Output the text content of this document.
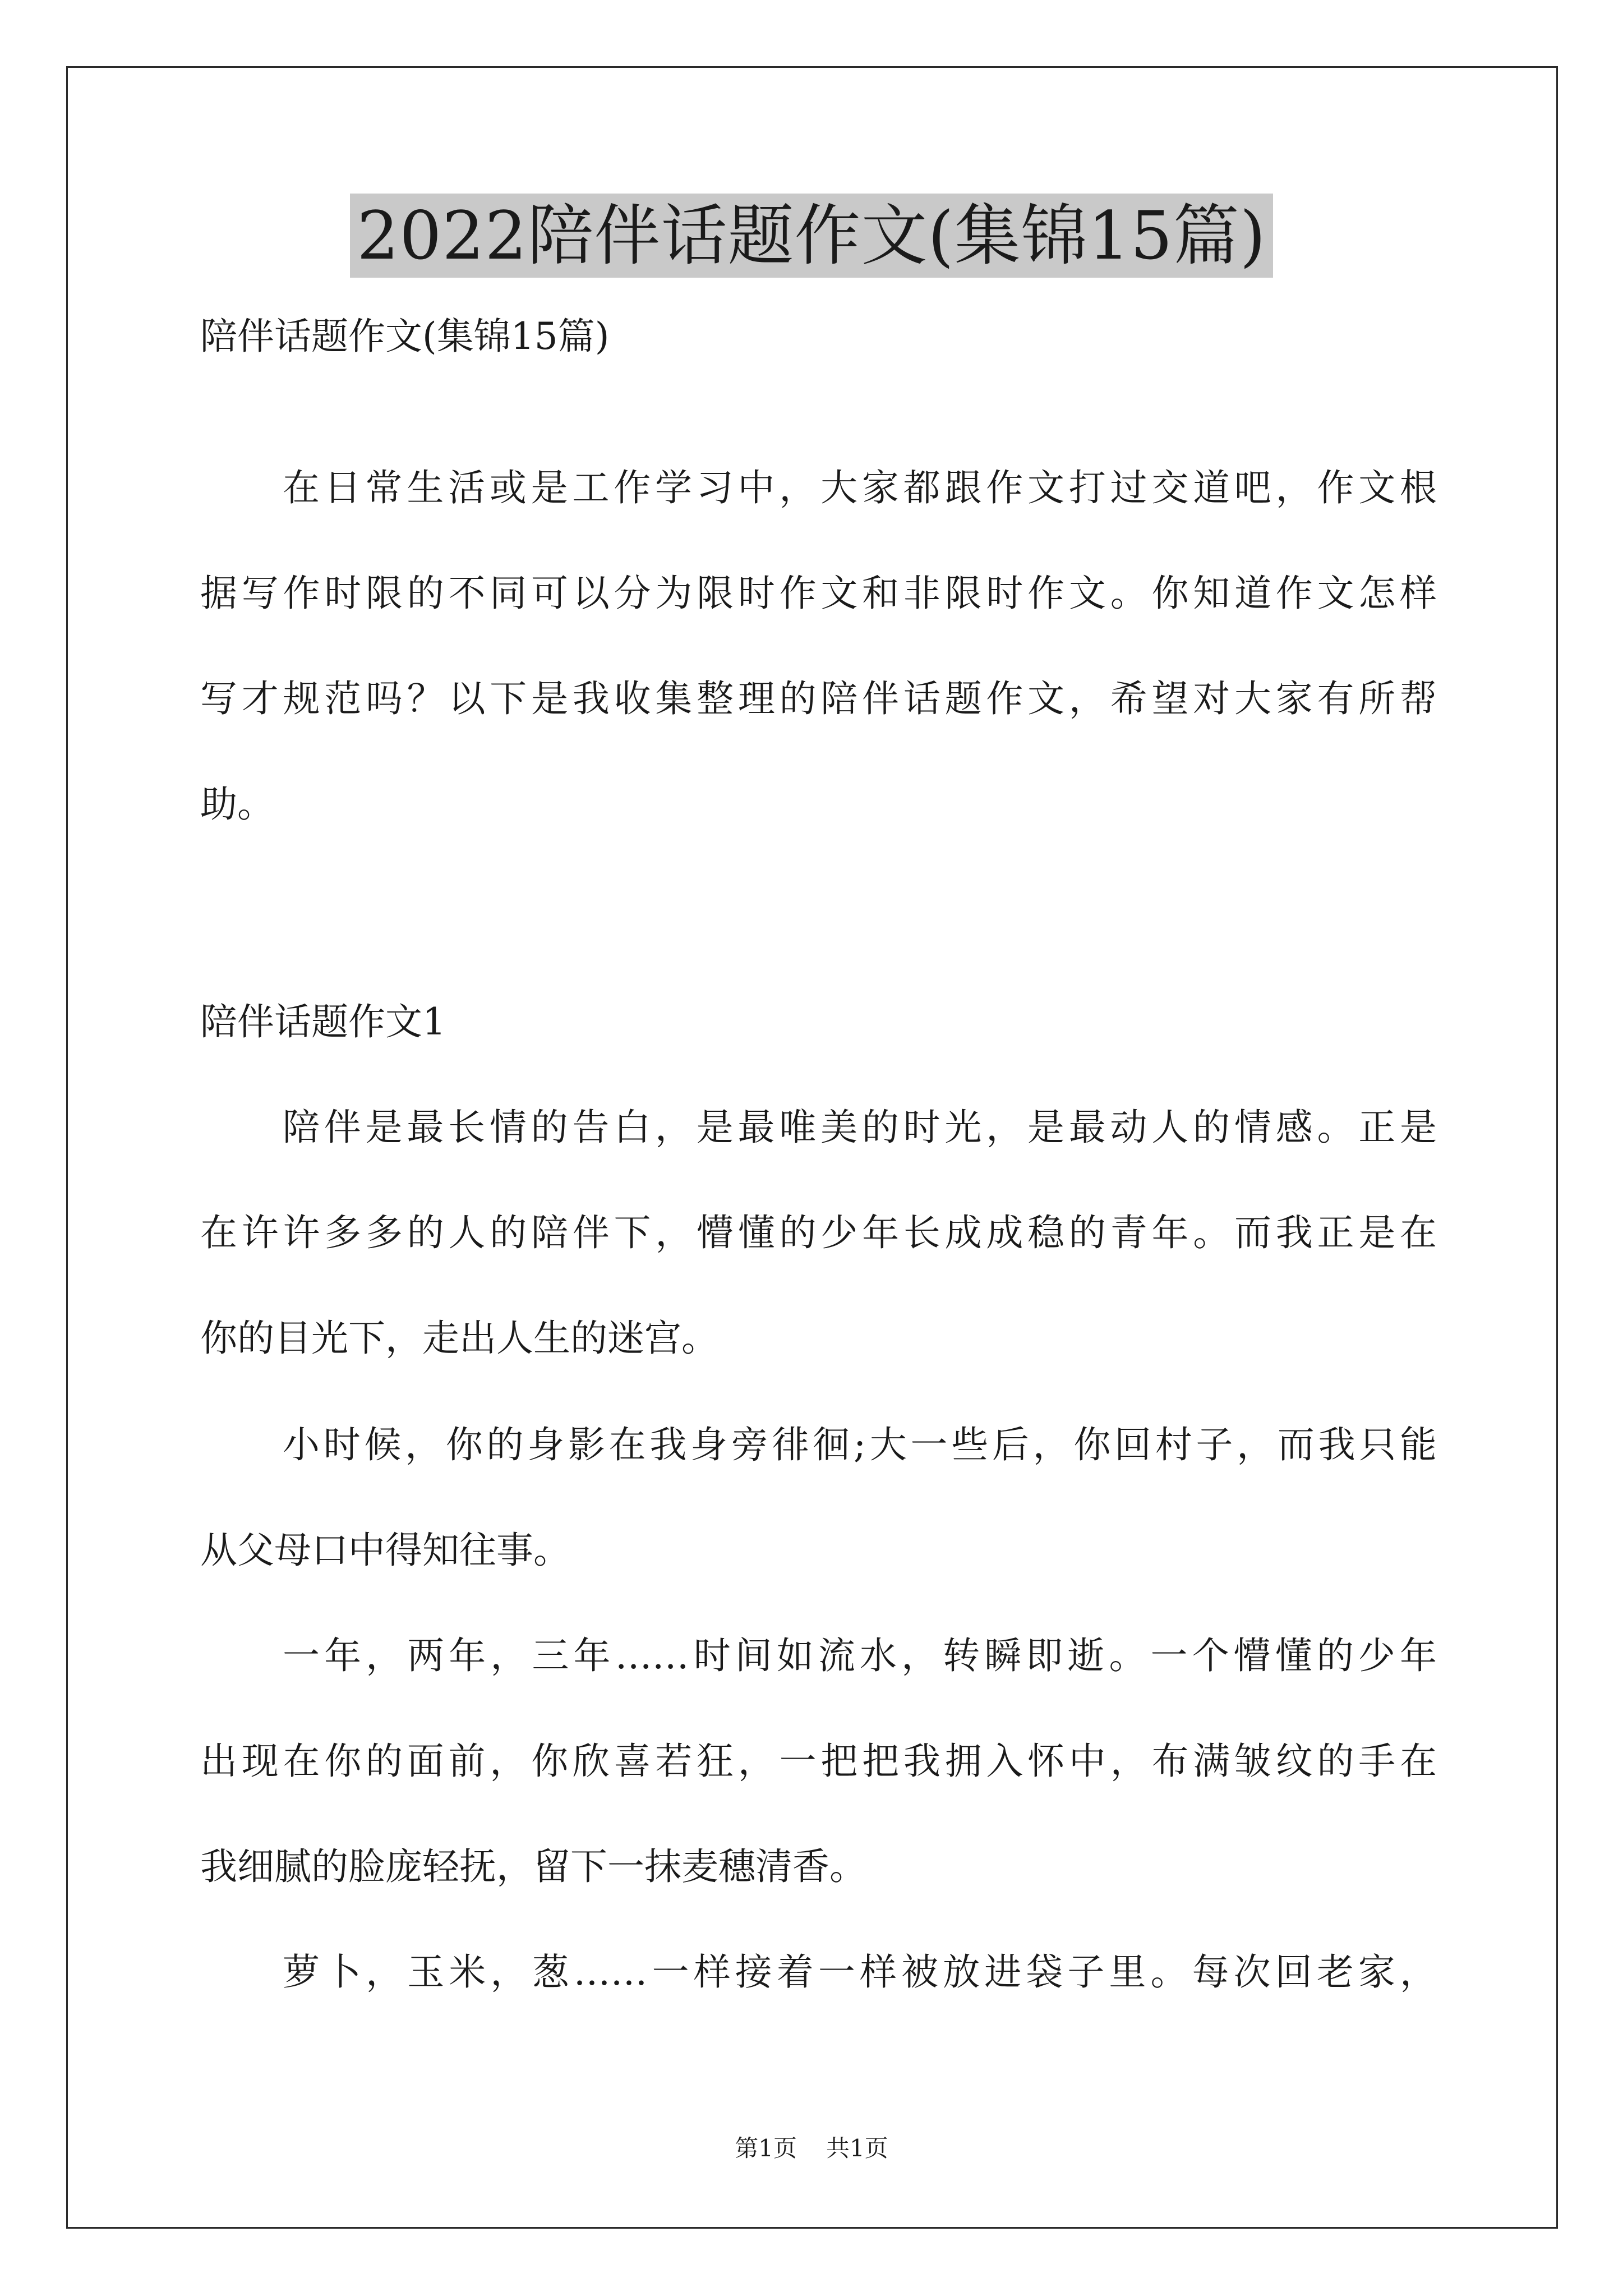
2022陪伴话题作文(集锦15篇)

陪伴话题作文(集锦15篇)

在日常生活或是工作学习中，大家都跟作文打过交道吧，作文根

据写作时限的不同可以分为限时作文和非限时作文。你知道作文怎样

写才规范吗？以下是我收集整理的陪伴话题作文，希望对大家有所帮

助。

陪伴话题作文1

陪伴是最长情的告白，是最唯美的时光，是最动人的情感。正是

在许许多多的人的陪伴下，懵懂的少年长成成稳的青年。而我正是在

你的目光下，走出人生的迷宫。

小时候，你的身影在我身旁徘徊;大一些后，你回村子，而我只能

从父母口中得知往事。

一年，两年，三年……时间如流水，转瞬即逝。一个懵懂的少年

出现在你的面前，你欣喜若狂，一把把我拥入怀中，布满皱纹的手在

我细腻的脸庞轻抚，留下一抹麦穗清香。

萝卜，玉米，葱……一样接着一样被放进袋子里。每次回老家，

第1页 共1页
